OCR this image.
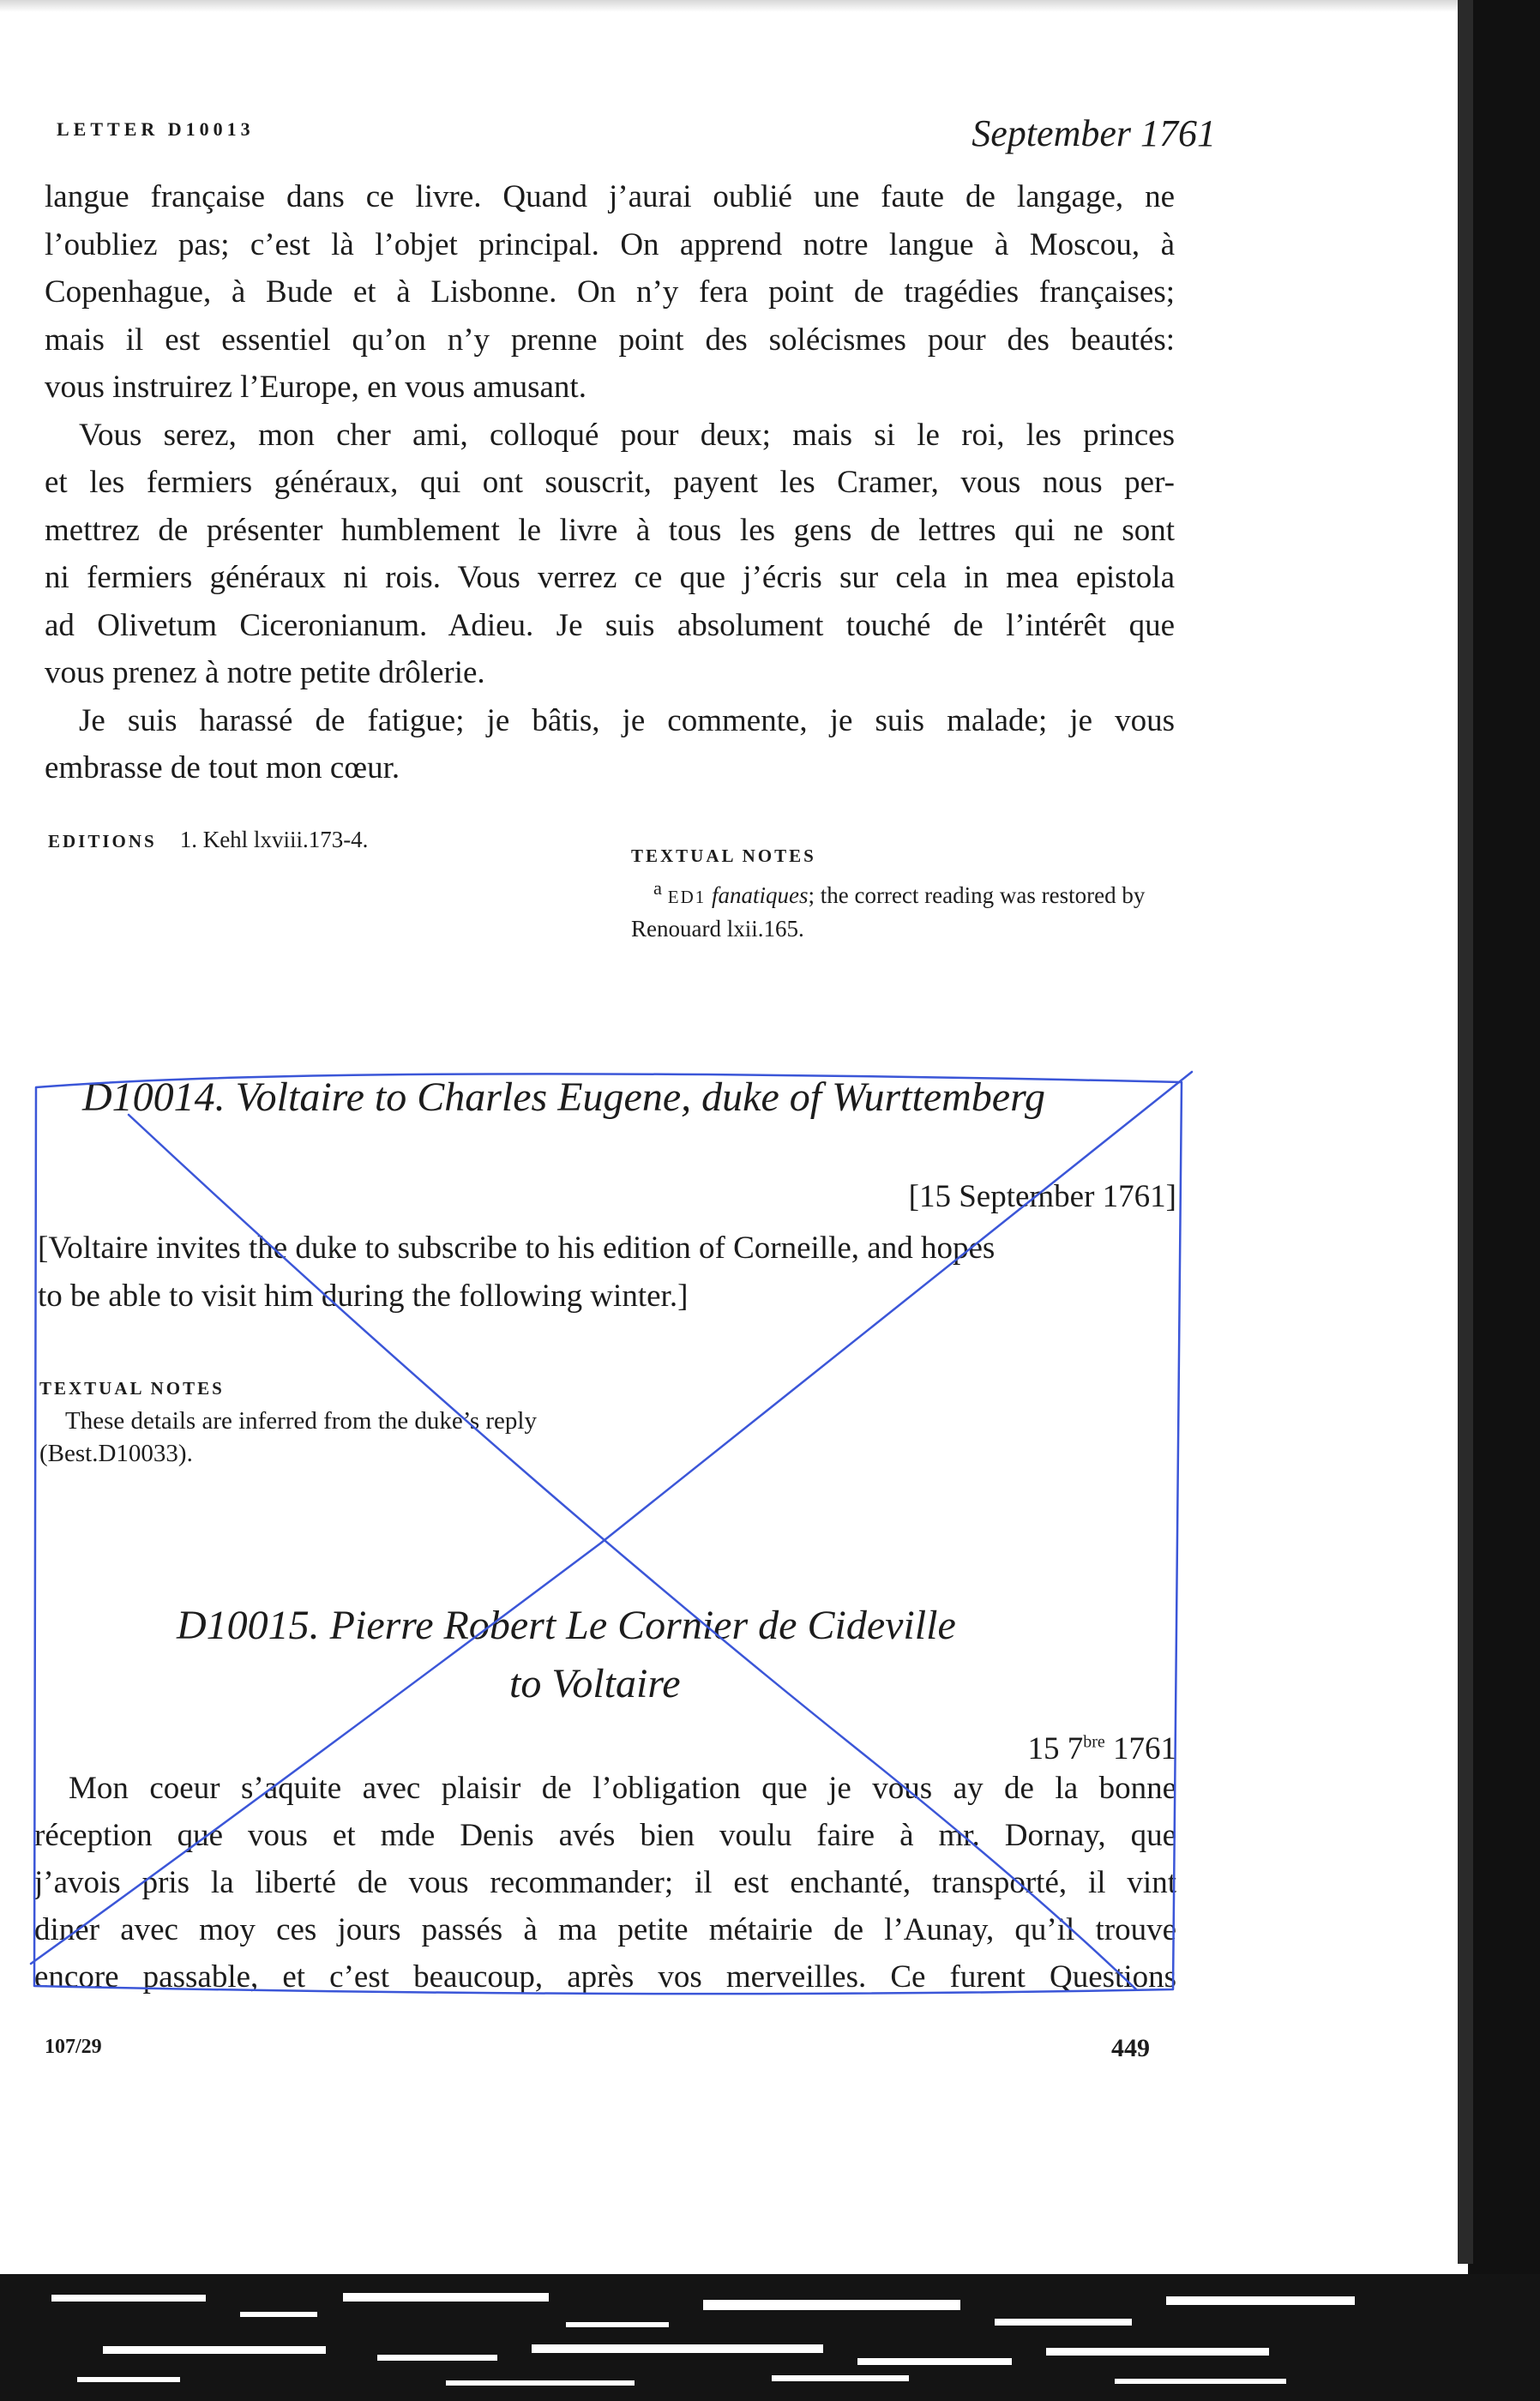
LETTER D10013	September 1761
langue française dans ce livre. Quand j’aurai oublié une faute de langage, ne
l’oubliez pas; c’est là l’objet principal. On apprend notre langue à Moscou, à
Copenhague, à Bude et à Lisbonne. On n’y fera point de tragédies françaises;
mais il est essentiel qu’on n’y prenne point des solécismes pour des beautés:
vous instruirez l’Europe, en vous amusant.
Vous serez, mon cher ami, colloqué pour deux; mais si le roi, les princes
et les fermiers généraux, qui ont souscrit, payent les Cramer, vous nous per-
mettrez de présenter humblement le livre à tous les gens de lettres qui ne sont
ni fermiers généraux ni rois. Vous verrez ce que j’écris sur cela in mea epistola
ad Olivetum Ciceronianum. Adieu. Je suis absolument touché de l’intérêt que
vous prenez à notre petite drôlerie.
Je suis harassé de fatigue; je bâtis, je commente, je suis malade; je vous
embrasse de tout mon cœur.
EDITIONS 1. Kehl lxviii.173-4.
TEXTUAL NOTES
$^a$ ED1 fanatiques; the correct reading was restored by Renouard lxii.165.
D10014. Voltaire to Charles Eugene, duke of Wurttemberg
[15 September 1761]
[Voltaire invites the duke to subscribe to his edition of Corneille, and hopes
to be able to visit him during the following winter.]
TEXTUAL NOTES
These details are inferred from the duke’s reply (Best.D10033).
D10015. Pierre Robert Le Cornier de Cideville
to Voltaire
15 $7^{bre}$ 1761
Mon coeur s’aquite avec plaisir de l’obligation que je vous ay de la bonne
réception que vous et mde Denis avés bien voulu faire à mr. Dornay, que
j’avois pris la liberté de vous recommander; il est enchanté, transporté, il vint
diner avec moy ces jours passés à ma petite métairie de l’Aunay, qu’il trouve
encore passable, et c’est beaucoup, après vos merveilles. Ce furent Questions
107/29	449
